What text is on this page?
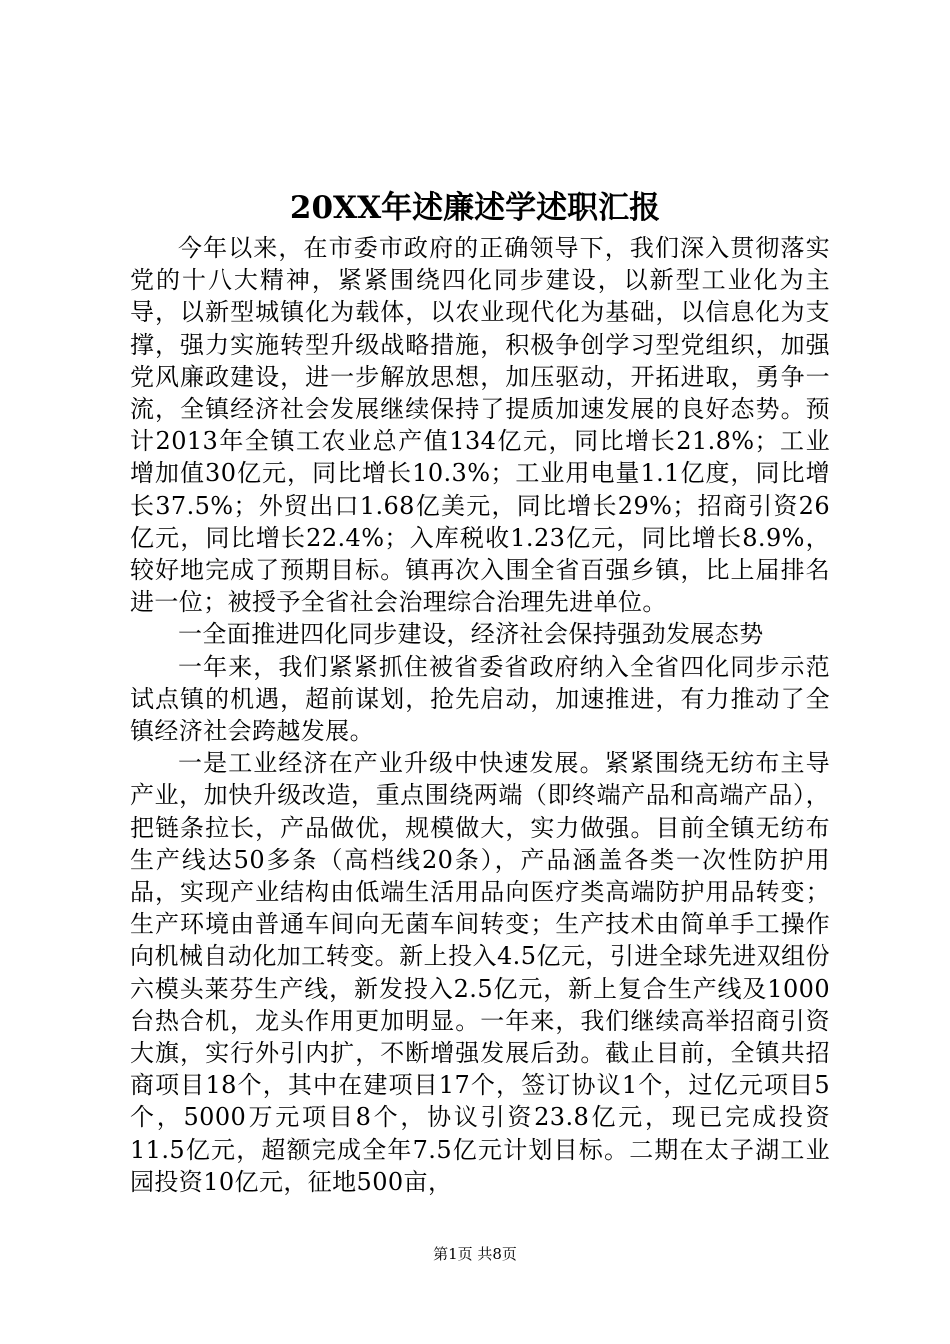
20XX年述廉述学述职汇报

今年以来，在市委市政府的正确领导下，我们深入贯彻落实党的十八大精神，紧紧围绕四化同步建设，以新型工业化为主导，以新型城镇化为载体，以农业现代化为基础，以信息化为支撑，强力实施转型升级战略措施，积极争创学习型党组织，加强党风廉政建设，进一步解放思想，加压驱动，开拓进取，勇争一流，全镇经济社会发展继续保持了提质加速发展的良好态势。预计2013年全镇工农业总产值134亿元，同比增长21.8%；工业增加值30亿元，同比增长10.3%；工业用电量1.1亿度，同比增长37.5%；外贸出口1.68亿美元，同比增长29%；招商引资26亿元，同比增长22.4%；入库税收1.23亿元，同比增长8.9%，较好地完成了预期目标。镇再次入围全省百强乡镇，比上届排名进一位；被授予全省社会治理综合治理先进单位。

一全面推进四化同步建设，经济社会保持强劲发展态势

一年来，我们紧紧抓住被省委省政府纳入全省四化同步示范试点镇的机遇，超前谋划，抢先启动，加速推进，有力推动了全镇经济社会跨越发展。

一是工业经济在产业升级中快速发展。紧紧围绕无纺布主导产业，加快升级改造，重点围绕两端（即终端产品和高端产品），把链条拉长，产品做优，规模做大，实力做强。目前全镇无纺布生产线达50多条（高档线20条），产品涵盖各类一次性防护用品，实现产业结构由低端生活用品向医疗类高端防护用品转变；生产环境由普通车间向无菌车间转变；生产技术由简单手工操作向机械自动化加工转变。新上投入4.5亿元，引进全球先进双组份六模头莱芬生产线，新发投入2.5亿元，新上复合生产线及1000台热合机，龙头作用更加明显。一年来，我们继续高举招商引资大旗，实行外引内扩，不断增强发展后劲。截止目前，全镇共招商项目18个，其中在建项目17个，签订协议1个，过亿元项目5个，5000万元项目8个，协议引资23.8亿元，现已完成投资11.5亿元，超额完成全年7.5亿元计划目标。二期在太子湖工业园投资10亿元，征地500亩，

第1页 共8页
